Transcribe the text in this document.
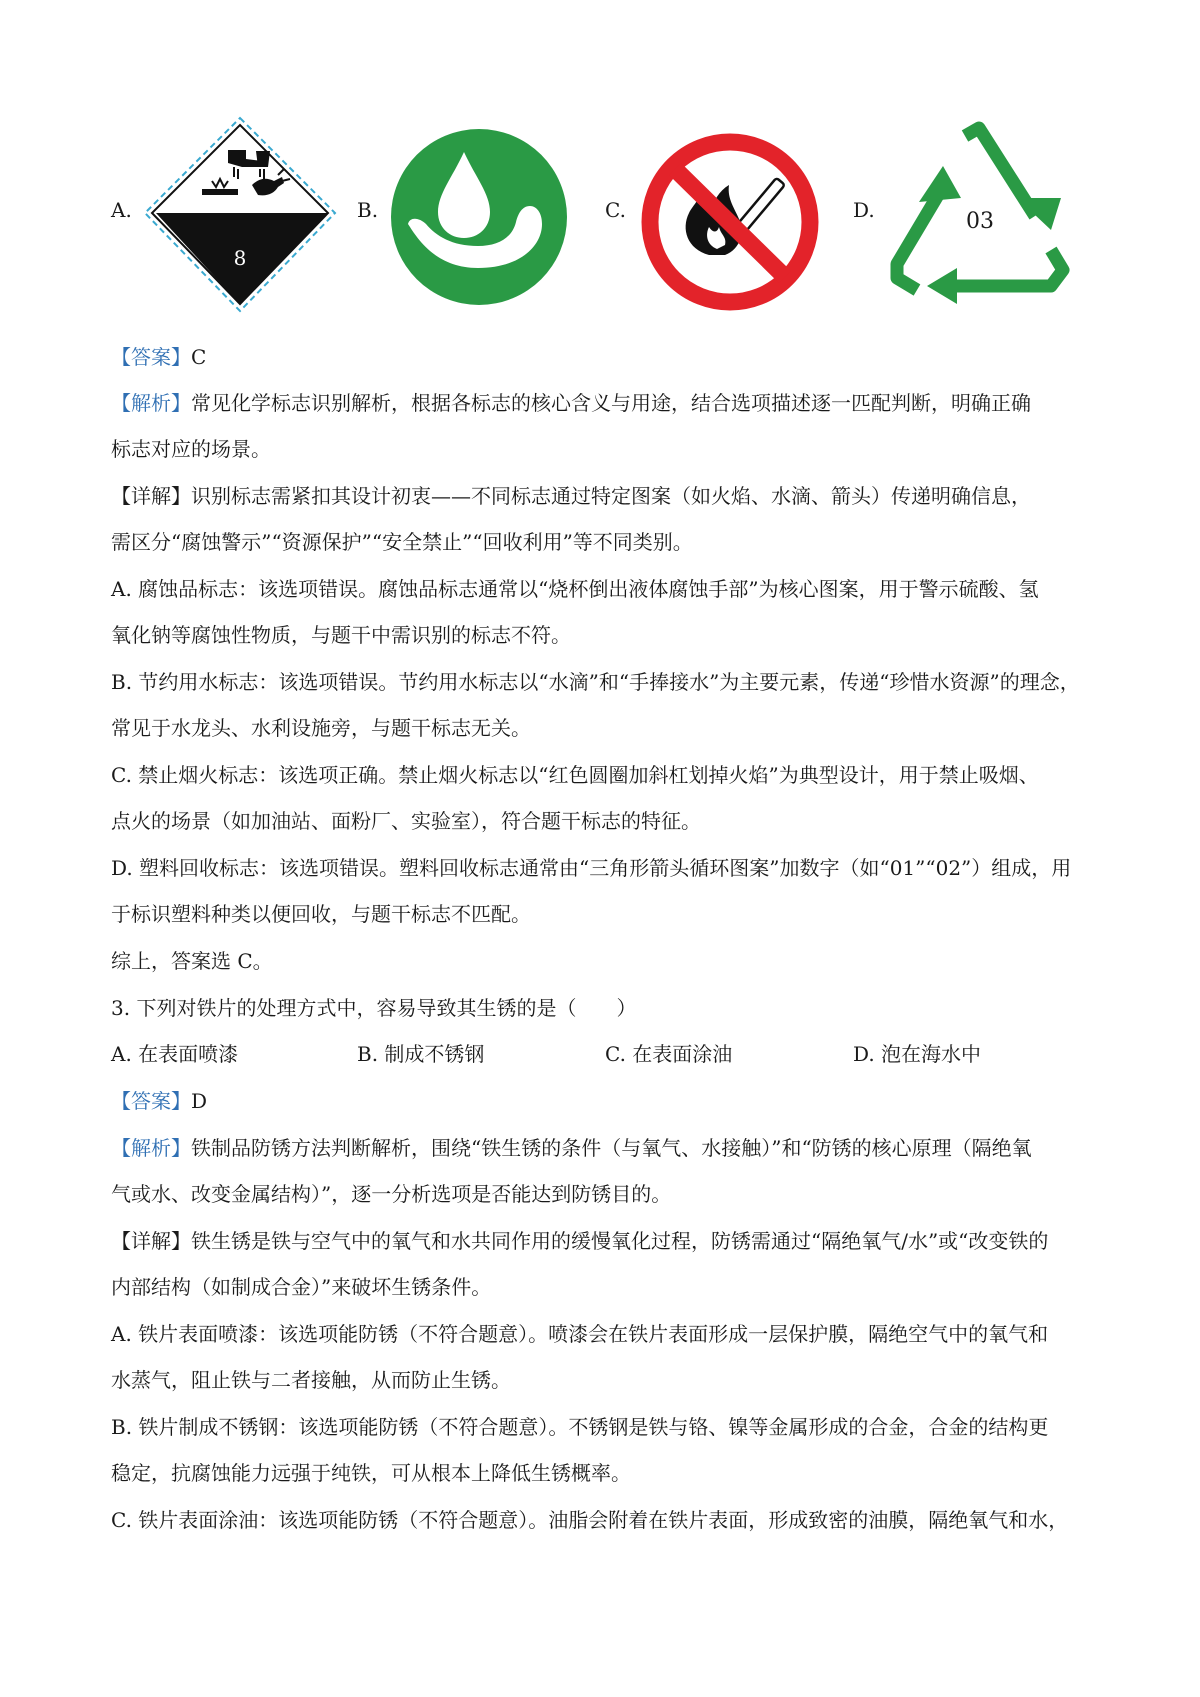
A.
8
B.	C.	D.	03
【答案】C
【解析】常见化学标志识别解析，根据各标志的核心含义与用途，结合选项描述逐一匹配判断，明确正确
标志对应的场景。
【详解】识别标志需紧扣其设计初衷——不同标志通过特定图案（如火焰、水滴、箭头）传递明确信息，
需区分“腐蚀警示”“资源保护”“安全禁止”“回收利用”等不同类别。
A. 腐蚀品标志：该选项错误。腐蚀品标志通常以“烧杯倒出液体腐蚀手部”为核心图案，用于警示硫酸、氢
氧化钠等腐蚀性物质，与题干中需识别的标志不符。
B. 节约用水标志：该选项错误。节约用水标志以“水滴”和“手捧接水”为主要元素，传递“珍惜水资源”的理念，
常见于水龙头、水利设施旁，与题干标志无关。
C. 禁止烟火标志：该选项正确。禁止烟火标志以“红色圆圈加斜杠划掉火焰”为典型设计，用于禁止吸烟、
点火的场景（如加油站、面粉厂、实验室），符合题干标志的特征。
D. 塑料回收标志：该选项错误。塑料回收标志通常由“三角形箭头循环图案”加数字（如“01”“02”）组成，用
于标识塑料种类以便回收，与题干标志不匹配。
综上，答案选 C。
3. 下列对铁片的处理方式中，容易导致其生锈的是（　　）
A. 在表面喷漆	B. 制成不锈钢	C. 在表面涂油	D. 泡在海水中
【答案】D
【解析】铁制品防锈方法判断解析，围绕“铁生锈的条件（与氧气、水接触）”和“防锈的核心原理（隔绝氧
气或水、改变金属结构）”，逐一分析选项是否能达到防锈目的。
【详解】铁生锈是铁与空气中的氧气和水共同作用的缓慢氧化过程，防锈需通过“隔绝氧气/水”或“改变铁的
内部结构（如制成合金）”来破坏生锈条件。
A. 铁片表面喷漆：该选项能防锈（不符合题意）。喷漆会在铁片表面形成一层保护膜，隔绝空气中的氧气和
水蒸气，阻止铁与二者接触，从而防止生锈。
B. 铁片制成不锈钢：该选项能防锈（不符合题意）。不锈钢是铁与铬、镍等金属形成的合金，合金的结构更
稳定，抗腐蚀能力远强于纯铁，可从根本上降低生锈概率。
C. 铁片表面涂油：该选项能防锈（不符合题意）。油脂会附着在铁片表面，形成致密的油膜，隔绝氧气和水，
